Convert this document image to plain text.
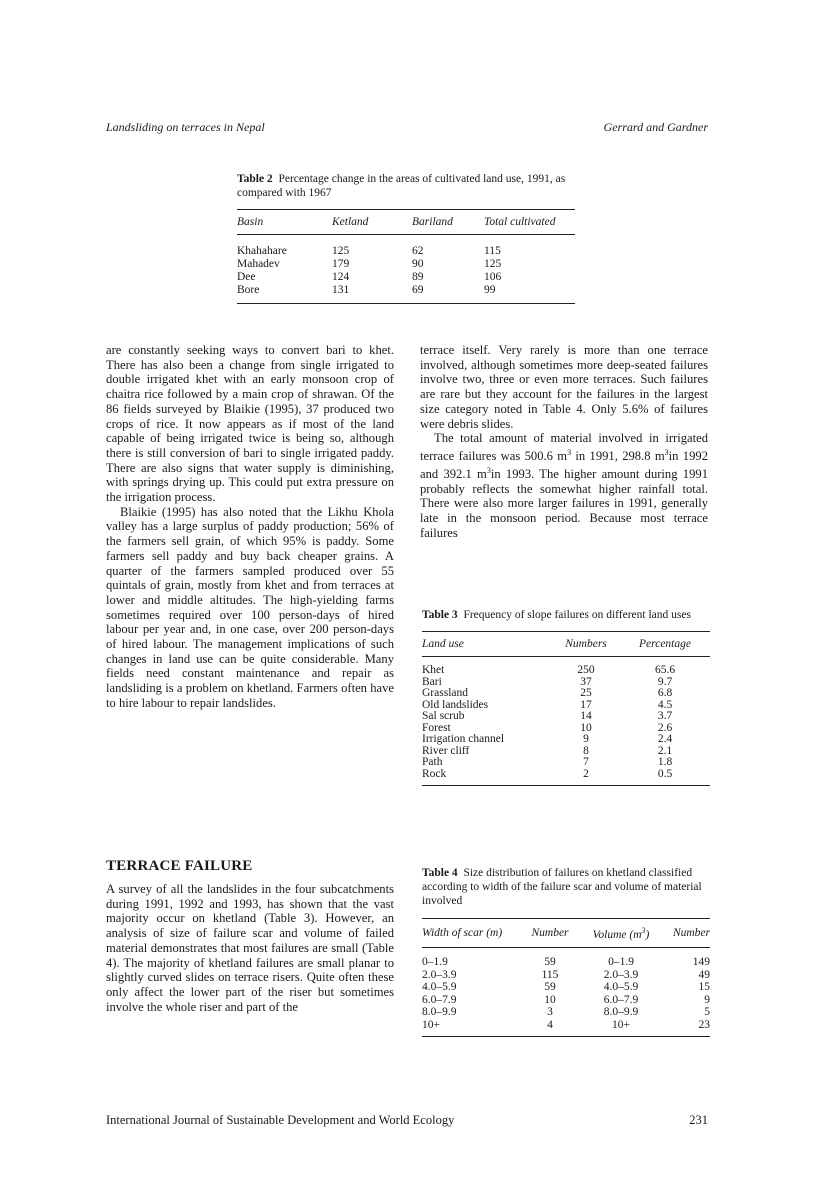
Landsliding on terraces in Nepal	Gerrard and Gardner
Table 2 Percentage change in the areas of cultivated land use, 1991, as compared with 1967
Basin	Ketland	Bariland	Total cultivated
Khahahare	125	62	115
Mahadev	179	90	125
Dee	124	89	106
Bore	131	69	99

are constantly seeking ways to convert bari to khet. There has also been a change from single irrigated to double irrigated khet with an early monsoon crop of chaitra rice followed by a main crop of shrawan. Of the 86 fields surveyed by Blaikie (1995), 37 produced two crops of rice. It now appears as if most of the land capable of being irrigated twice is being so, although there is still conversion of bari to single irrigated paddy. There are also signs that water supply is diminishing, with springs drying up. This could put extra pressure on the irrigation process.

Blaikie (1995) has also noted that the Likhu Khola valley has a large surplus of paddy production; 56% of the farmers sell grain, of which 95% is paddy. Some farmers sell paddy and buy back cheaper grains. A quarter of the farmers sampled produced over 55 quintals of grain, mostly from khet and from terraces at lower and middle altitudes. The high-yielding farms sometimes required over 100 person-days of hired labour per year and, in one case, over 200 person-days of hired labour. The management implications of such changes in land use can be quite considerable. Many fields need constant maintenance and repair as landsliding is a problem on khetland. Farmers often have to hire labour to repair landslides.

terrace itself. Very rarely is more than one terrace involved, although sometimes more deep-seated failures involve two, three or even more terraces. Such failures are rare but they account for the failures in the largest size category noted in Table 4. Only 5.6% of failures were debris slides.

The total amount of material involved in irrigated terrace failures was 500.6 $m^3$ in 1991, 298.8 $m^3in$ 1992 and 392.1 $m^3in$ 1993. The higher amount during 1991 probably reflects the somewhat higher rainfall total. There were also more larger failures in 1991, generally late in the monsoon period. Because most terrace failures

TERRACE FAILURE

A survey of all the landslides in the four subcatchments during 1991, 1992 and 1993, has shown that the vast majority occur on khetland (Table 3). However, an analysis of size of failure scar and volume of failed material demonstrates that most failures are small (Table 4). The majority of khetland failures are small planar to slightly curved slides on terrace risers. Quite often these only affect the lower part of the riser but sometimes involve the whole riser and part of the

Table 3 Frequency of slope failures on different land uses
Land use	Numbers	Percentage
Khet	250	65.6
Bari	37	9.7
Grassland	25	6.8
Old landslides	17	4.5
Sal scrub	14	3.7
Forest	10	2.6
Irrigation channel	9	2.4
River cliff	8	2.1
Path	7	1.8
Rock	2	0.5
Table 4 Size distribution of failures on khetland classified according to width of the failure scar and volume of material involved
Width of scar (m)	Number	Volume $(m^3)$	Number
0–1.9	59	0–1.9	149
2.0–3.9	115	2.0–3.9	49
4.0–5.9	59	4.0–5.9	15
6.0–7.9	10	6.0–7.9	9
8.0–9.9	3	8.0–9.9	5
10+	4	10+	23
International Journal of Sustainable Development and World Ecology	231
